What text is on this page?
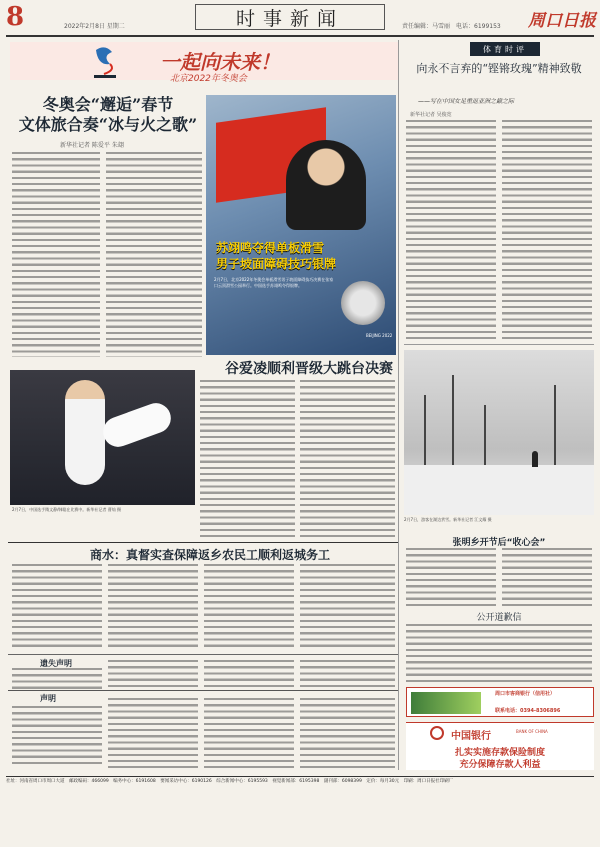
8	2022年2月8日 星期二	时事新闻	责任编辑：马雪丽　电话：6199153 周口日报
一起向未来！
北京2022年冬奥会
冬奥会“邂逅”春节
文体旅合奏“冰与火之歌”
新华社记者 陈爱平 朱翃
苏翊鸣夺得单板滑雪
男子坡面障碍技巧银牌
2月7日，北京2022年冬奥会单板滑雪男子坡面障碍技巧决赛在张家口云顶滑雪公园举行。中国选手苏翊鸣夺得银牌。
BEIJING 2022
谷爱凌顺利晋级大跳台决赛
2月7日，中国选手隋文静/韩聪在比赛中。新华社记者 曹灿 摄
商水：真督实查保障返乡农民工顺利返城务工
遗失声明
声明
体育时评
向永不言弃的“铿锵玫瑰”精神致敬
——写在中国女足重返亚洲之巅之际
新华社记者 吴俊宽
2月7日，游客在湖边赏雪。新华社记者 江文耀 摄
张明乡开节后“收心会”
公开道歉信
周口市客商银行（信用社）
联系电话：0394-8306896
中国银行	BANK OF CHINA
扎实实施存款保险制度
充分保障存款人利益
社址：河南省周口市周口大道　邮政编码：466099　编务中心：6191608　要闻采访中心：6190126　综合新闻中心：6195593　视觉新闻部：6195398　副刊部：6098399　定价：每月30元　印刷：周口日报社印刷厂
